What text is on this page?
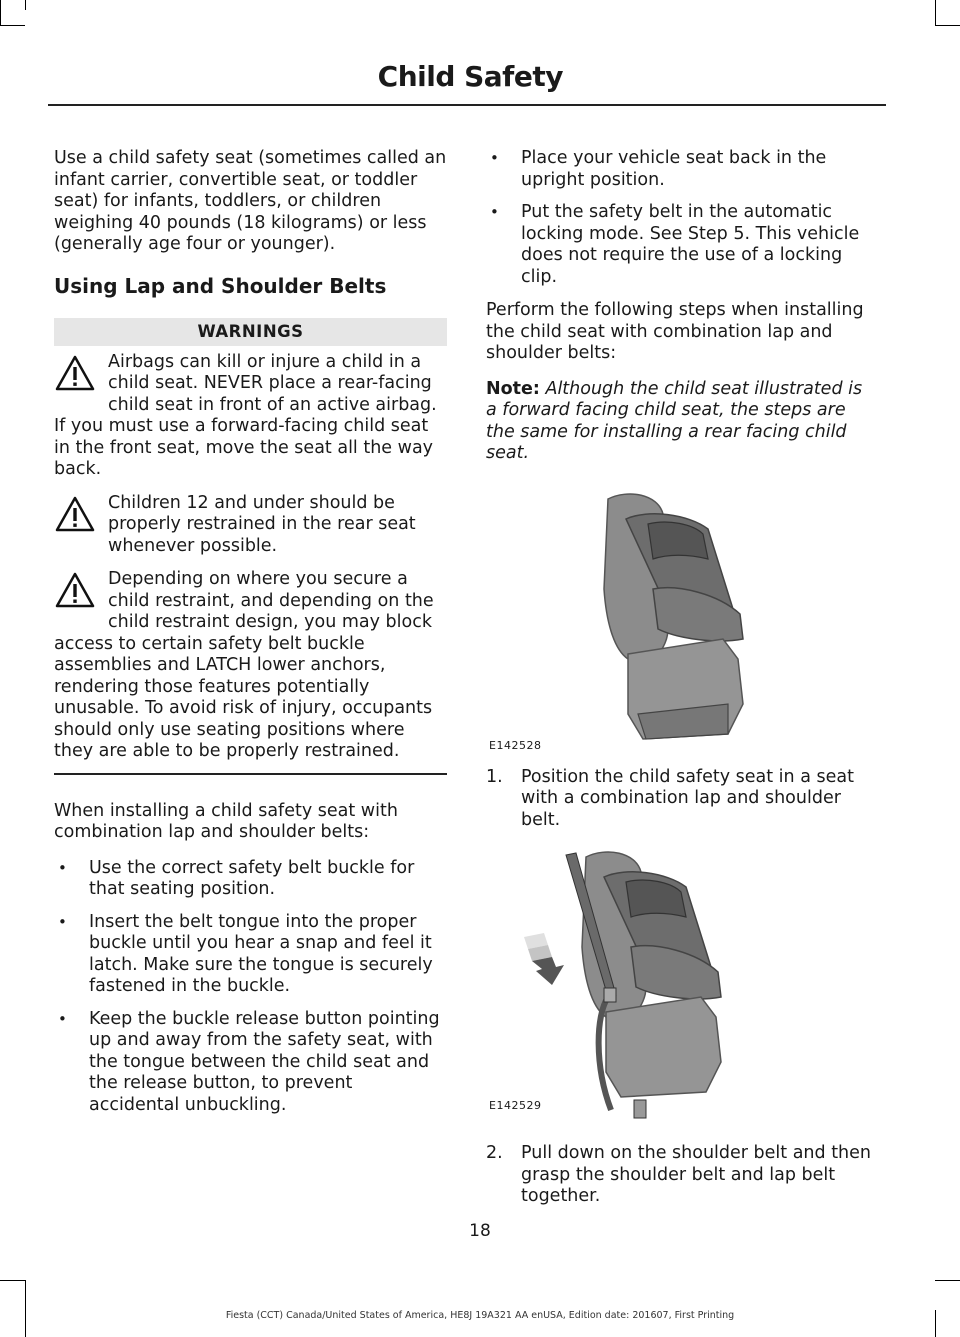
Child Safety

Use a child safety seat (sometimes called an infant carrier, convertible seat, or toddler seat) for infants, toddlers, or children weighing 40 pounds (18 kilograms) or less (generally age four or younger).

Using Lap and Shoulder Belts
WARNINGS

Airbags can kill or injure a child in a child seat. NEVER place a rear-facing child seat in front of an active airbag. If you must use a forward-facing child seat in the front seat, move the seat all the way back.

Children 12 and under should be properly restrained in the rear seat whenever possible.

Depending on where you secure a child restraint, and depending on the child restraint design, you may block access to certain safety belt buckle assemblies and LATCH lower anchors, rendering those features potentially unusable. To avoid risk of injury, occupants should only use seating positions where they are able to be properly restrained.

When installing a child safety seat with combination lap and shoulder belts:

• Use the correct safety belt buckle for that seating position.
• Insert the belt tongue into the proper buckle until you hear a snap and feel it latch. Make sure the tongue is securely fastened in the buckle.
• Keep the buckle release button pointing up and away from the safety seat, with the tongue between the child seat and the release button, to prevent accidental unbuckling.
• Place your vehicle seat back in the upright position.
• Put the safety belt in the automatic locking mode. See Step 5. This vehicle does not require the use of a locking clip.

Perform the following steps when installing the child seat with combination lap and shoulder belts:

Note: Although the child seat illustrated is a forward facing child seat, the steps are the same for installing a rear facing child seat.

E142528
1. Position the child safety seat in a seat with a combination lap and shoulder belt.
E142529
2. Pull down on the shoulder belt and then grasp the shoulder belt and lap belt together.
18
Fiesta (CCT) Canada/United States of America, HE8J 19A321 AA enUSA, Edition date: 201607, First Printing
